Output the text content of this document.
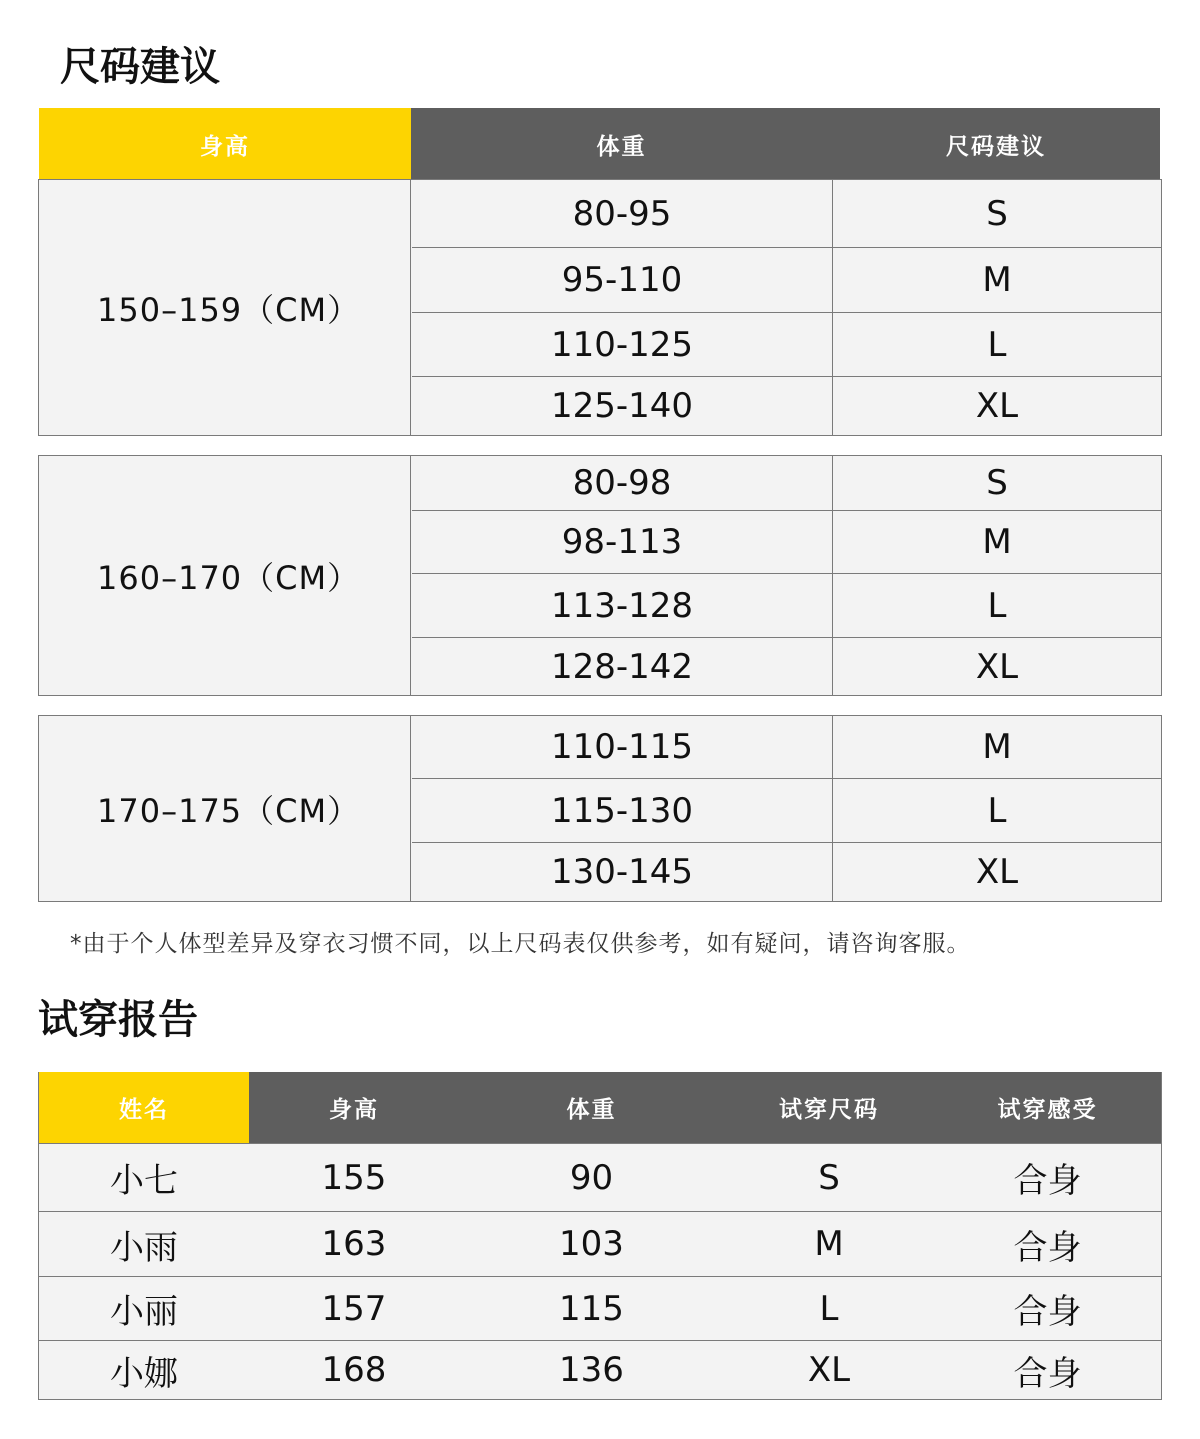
尺码建议
身高	体重	尺码建议
150–159（CM）
80-95	S
95-110	M
110-125	L
125-140	XL
160–170（CM）
80-98	S
98-113	M
113-128	L
128-142	XL
170–175（CM）
110-115	M
115-130	L
130-145	XL
*由于个人体型差异及穿衣习惯不同，以上尺码表仅供参考，如有疑问，请咨询客服。
试穿报告
姓名	身高	体重	试穿尺码	试穿感受
小七	155	90	S	合身
小雨	163	103	M	合身
小丽	157	115	L	合身
小娜	168	136	XL	合身
